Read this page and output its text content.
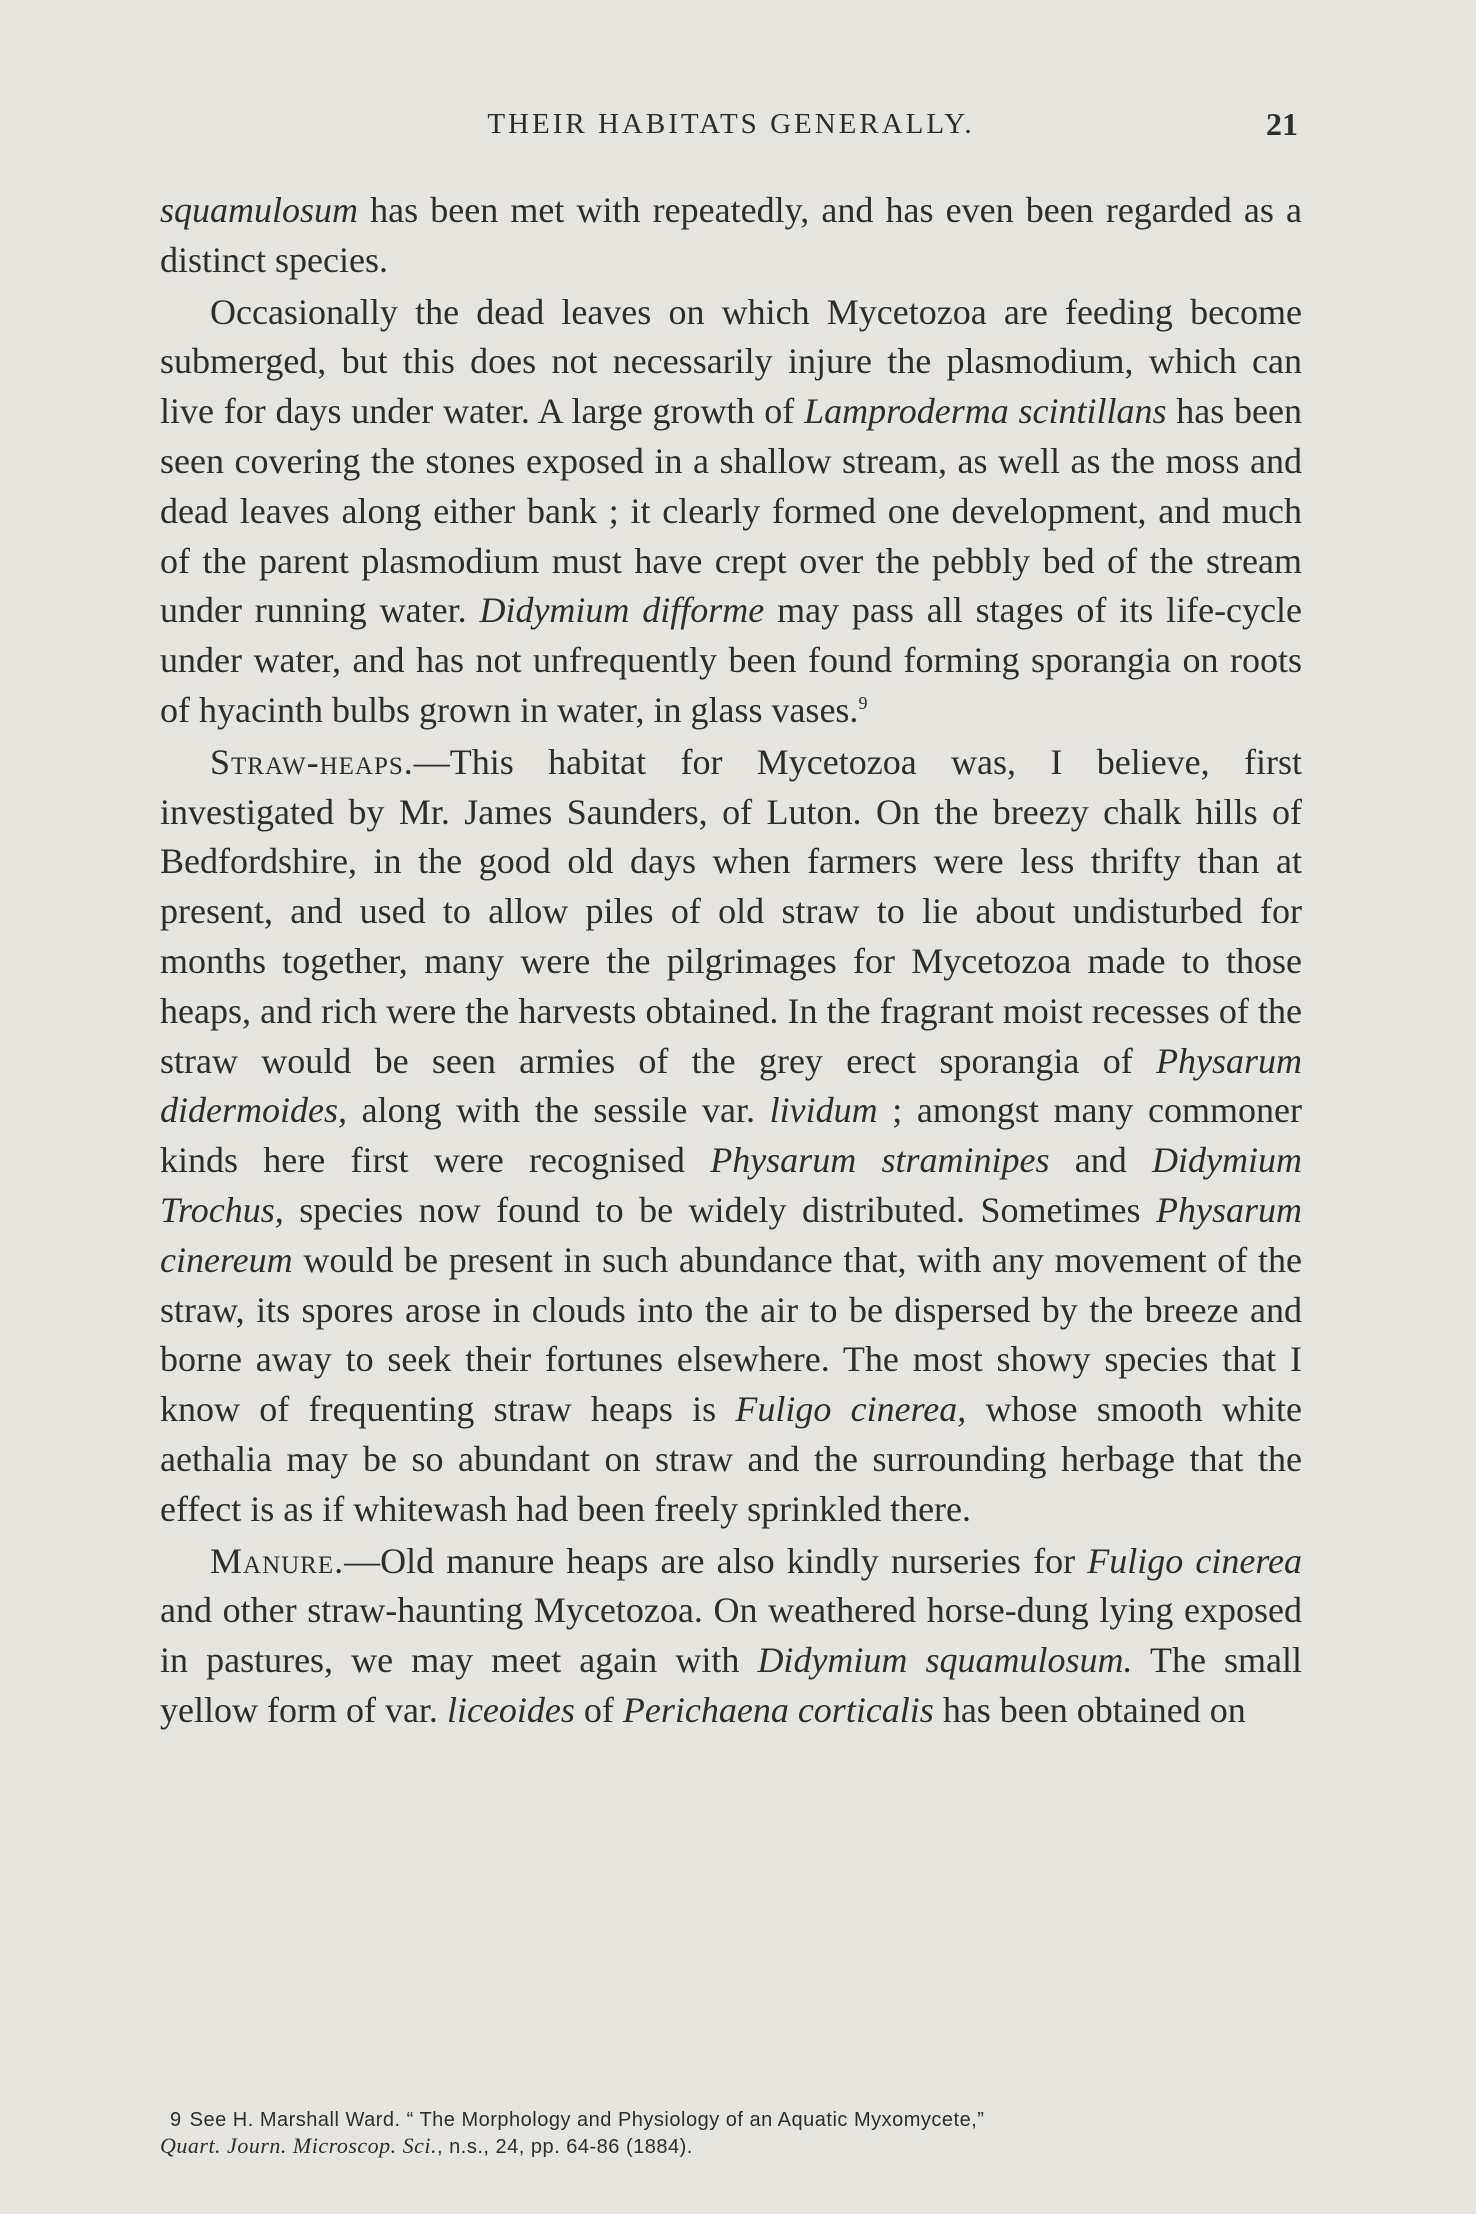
THEIR HABITATS GENERALLY.	21

squamulosum has been met with repeatedly, and has even been regarded as a distinct species.

Occasionally the dead leaves on which Mycetozoa are feeding become submerged, but this does not necessarily injure the plasmodium, which can live for days under water. A large growth of Lamproderma scintillans has been seen covering the stones exposed in a shallow stream, as well as the moss and dead leaves along either bank ; it clearly formed one development, and much of the parent plasmodium must have crept over the pebbly bed of the stream under running water. Didymium difforme may pass all stages of its life-cycle under water, and has not unfrequently been found forming sporangia on roots of hyacinth bulbs grown in water, in glass vases.$^9$

Straw-heaps.—This habitat for Mycetozoa was, I believe, first investigated by Mr. James Saunders, of Luton. On the breezy chalk hills of Bedfordshire, in the good old days when farmers were less thrifty than at present, and used to allow piles of old straw to lie about undisturbed for months together, many were the pilgrimages for Mycetozoa made to those heaps, and rich were the harvests obtained. In the fragrant moist recesses of the straw would be seen armies of the grey erect sporangia of Physarum didermoides, along with the sessile var. lividum ; amongst many commoner kinds here first were recognised Physarum straminipes and Didymium Trochus, species now found to be widely distributed. Sometimes Physarum cinereum would be present in such abundance that, with any movement of the straw, its spores arose in clouds into the air to be dispersed by the breeze and borne away to seek their fortunes elsewhere. The most showy species that I know of frequenting straw heaps is Fuligo cinerea, whose smooth white aethalia may be so abundant on straw and the surrounding herbage that the effect is as if whitewash had been freely sprinkled there.

Manure.—Old manure heaps are also kindly nurseries for Fuligo cinerea and other straw-haunting Mycetozoa. On weathered horse-dung lying exposed in pastures, we may meet again with Didymium squamulosum. The small yellow form of var. liceoides of Perichaena corticalis has been obtained on

9 See H. Marshall Ward. “ The Morphology and Physiology of an Aquatic Myxomycete,”
Quart. Journ. Microscop. Sci., n.s., 24, pp. 64-86 (1884).
